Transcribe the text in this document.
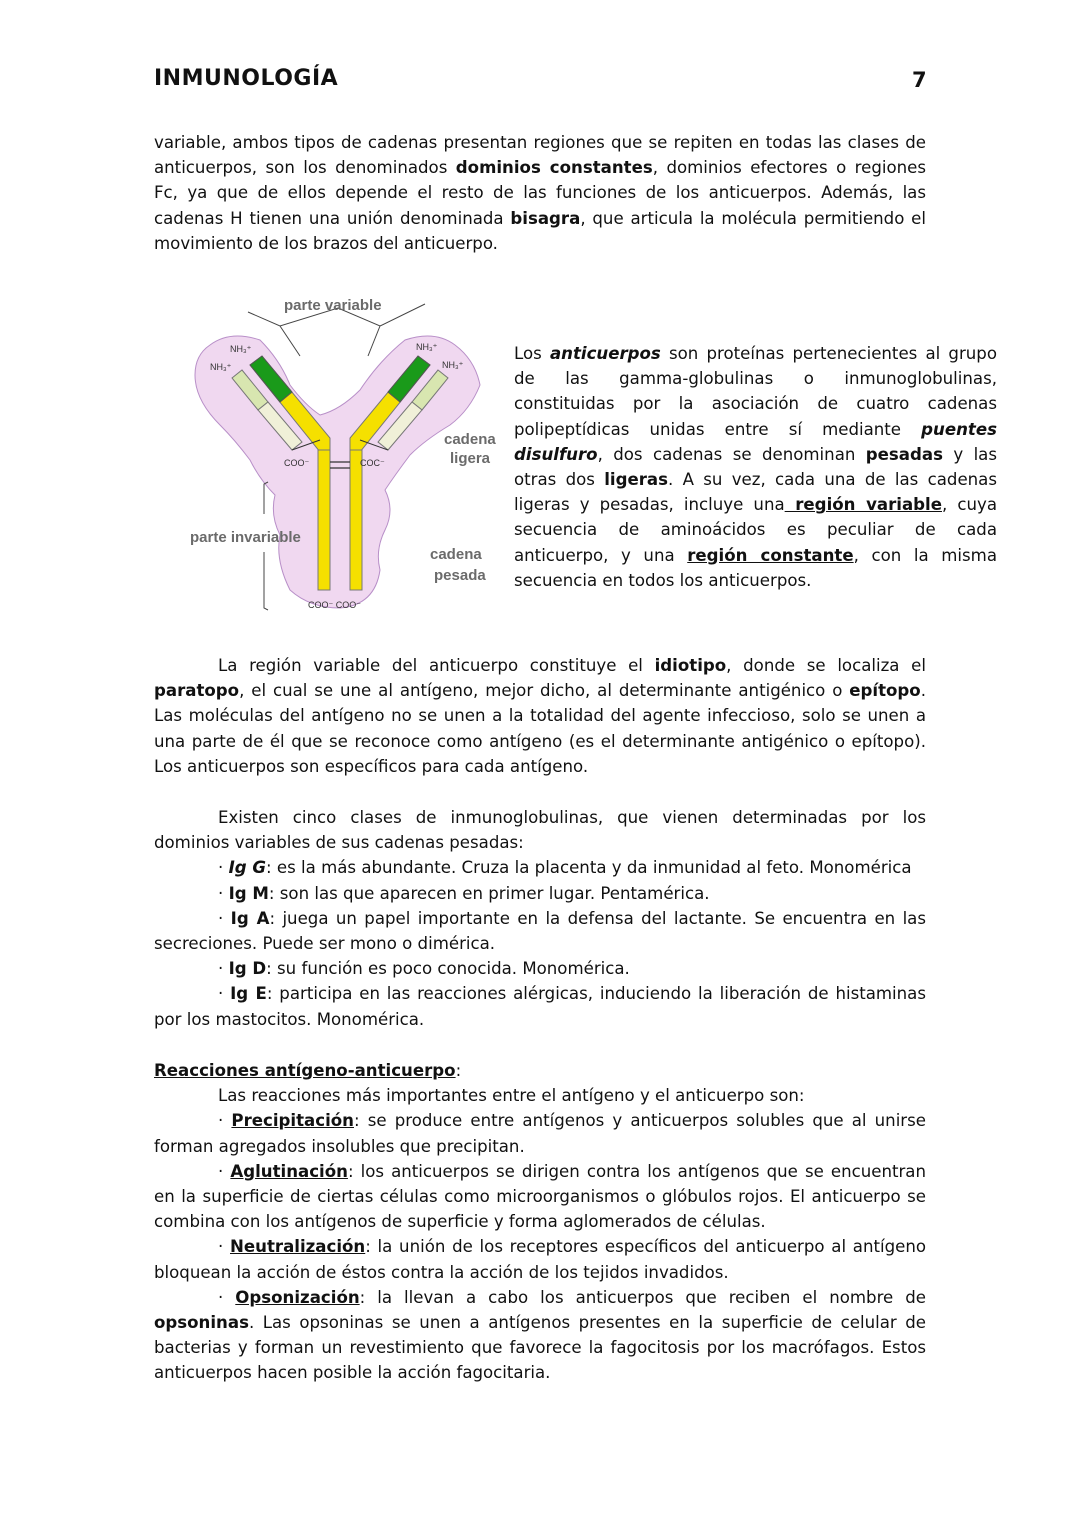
INMUNOLOGÍA	7

variable, ambos tipos de cadenas presentan regiones que se repiten en todas las clases de anticuerpos, son los denominados dominios constantes, dominios efectores o regiones Fc, ya que de ellos depende el resto de las funciones de los anticuerpos. Además, las cadenas H tienen una unión denominada bisagra, que articula la molécula permitiendo el movimiento de los brazos del anticuerpo.

parte variable
parte invariable
cadena
ligera
cadena
pesada
NH₃⁺
NH₃⁺
NH₃⁺
NH₃⁺
COO⁻	COC⁻
COO⁻ COO⁻

Los anticuerpos son proteínas pertenecientes al grupo de las gamma-globulinas o inmunoglobulinas, constituidas por la asociación de cuatro cadenas polipeptídicas unidas entre sí mediante puentes disulfuro, dos cadenas se denominan pesadas y las otras dos ligeras. A su vez, cada una de las cadenas ligeras y pesadas, incluye una región variable, cuya secuencia de aminoácidos es peculiar de cada anticuerpo, y una región constante, con la misma secuencia en todos los anticuerpos.

La región variable del anticuerpo constituye el idiotipo, donde se localiza el paratopo, el cual se une al antígeno, mejor dicho, al determinante antigénico o epítopo. Las moléculas del antígeno no se unen a la totalidad del agente infeccioso, solo se unen a una parte de él que se reconoce como antígeno (es el determinante antigénico o epítopo). Los anticuerpos son específicos para cada antígeno.

Existen cinco clases de inmunoglobulinas, que vienen determinadas por los dominios variables de sus cadenas pesadas:

· Ig G: es la más abundante. Cruza la placenta y da inmunidad al feto. Monomérica

· Ig M: son las que aparecen en primer lugar. Pentamérica.

· Ig A: juega un papel importante en la defensa del lactante. Se encuentra en las secreciones. Puede ser mono o dimérica.

· Ig D: su función es poco conocida. Monomérica.

· Ig E: participa en las reacciones alérgicas, induciendo la liberación de histaminas por los mastocitos. Monomérica.

Reacciones antígeno-anticuerpo:

Las reacciones más importantes entre el antígeno y el anticuerpo son:

· Precipitación: se produce entre antígenos y anticuerpos solubles que al unirse forman agregados insolubles que precipitan.

· Aglutinación: los anticuerpos se dirigen contra los antígenos que se encuentran en la superficie de ciertas células como microorganismos o glóbulos rojos. El anticuerpo se combina con los antígenos de superficie y forma aglomerados de células.

· Neutralización: la unión de los receptores específicos del anticuerpo al antígeno bloquean la acción de éstos contra la acción de los tejidos invadidos.

· Opsonización: la llevan a cabo los anticuerpos que reciben el nombre de opsoninas. Las opsoninas se unen a antígenos presentes en la superficie de celular de bacterias y forman un revestimiento que favorece la fagocitosis por los macrófagos. Estos anticuerpos hacen posible la acción fagocitaria.
